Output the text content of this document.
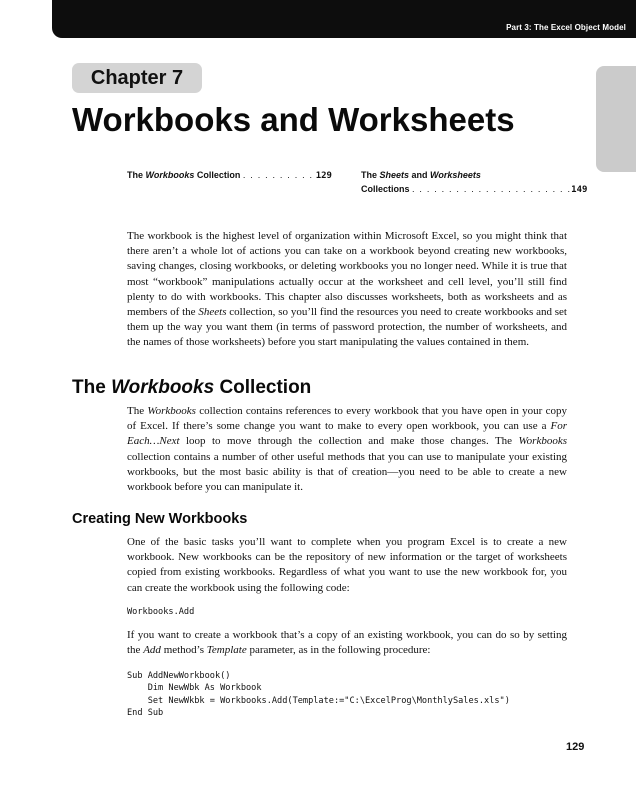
Part 3: The Excel Object Model
Chapter 7
Workbooks and Worksheets
The Workbooks Collection . . . . . . . . . . 129	The Sheets and Worksheets
Collections . . . . . . . . . . . . . . . . . . . . . .149

The workbook is the highest level of organization within Microsoft Excel, so you might think that there aren’t a whole lot of actions you can take on a workbook beyond creating new workbooks, saving changes, closing workbooks, or deleting workbooks you no longer need. While it is true that most “workbook” manipulations actually occur at the worksheet and cell level, you’ll still find plenty to do with workbooks. This chapter also discusses worksheets, both as worksheets and as members of the Sheets collection, so you’ll find the resources you need to create workbooks and set them up the way you want them (in terms of password protection, the number of worksheets, and the names of those worksheets) before you start manipulating the values contained in them.

The Workbooks Collection

The Workbooks collection contains references to every workbook that you have open in your copy of Excel. If there’s some change you want to make to every open workbook, you can use a For Each…Next loop to move through the collection and make those changes. The Workbooks collection contains a number of other useful methods that you can use to manipulate your existing workbooks, but the most basic ability is that of creation—you need to be able to create a new workbook before you can manipulate it.

Creating New Workbooks

One of the basic tasks you’ll want to complete when you program Excel is to create a new workbook. New workbooks can be the repository of new information or the target of worksheets copied from existing workbooks. Regardless of what you want to use the new workbook for, you can create the workbook using the following code:

Workbooks.Add

If you want to create a workbook that’s a copy of an existing workbook, you can do so by setting the Add method’s Template parameter, as in the following procedure:

Sub AddNewWorkbook()
Dim NewWbk As Workbook
Set NewWkbk = Workbooks.Add(Template:="C:\ExcelProg\MonthlySales.xls")
End Sub
129
